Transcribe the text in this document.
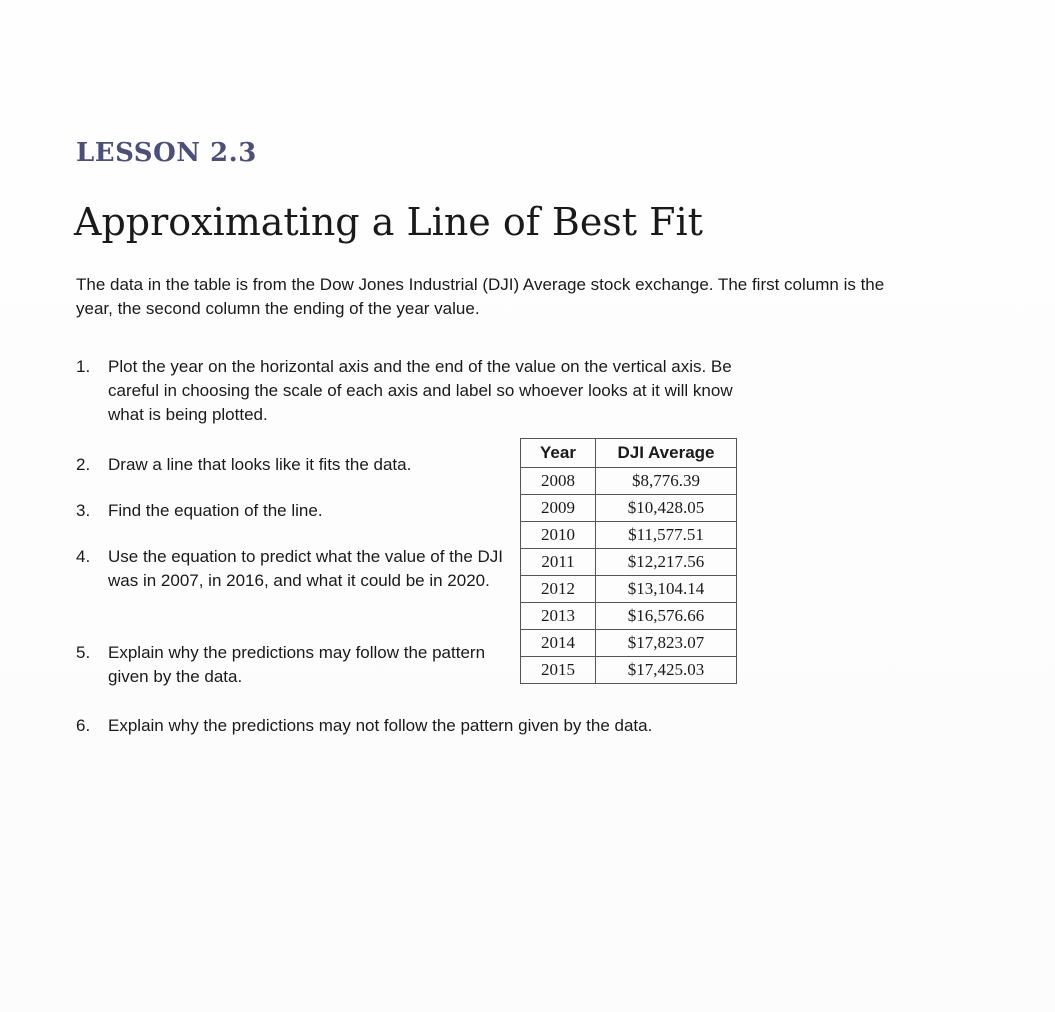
LESSON 2.3
Approximating a Line of Best Fit
The data in the table is from the Dow Jones Industrial (DJI) Average stock exchange. The first column is the year, the second column the ending of the year value.
1.	Plot the year on the horizontal axis and the end of the value on the vertical axis. Be careful in choosing the scale of each axis and label so whoever looks at it will know what is being plotted.
2.	Draw a line that looks like it fits the data.
3.	Find the equation of the line.
4.	Use the equation to predict what the value of the DJI was in 2007, in 2016, and what it could be in 2020.
5.	Explain why the predictions may follow the pattern given by the data.
6.	Explain why the predictions may not follow the pattern given by the data.
Year	DJI Average
2008	$8,776.39
2009	$10,428.05
2010	$11,577.51
2011	$12,217.56
2012	$13,104.14
2013	$16,576.66
2014	$17,823.07
2015	$17,425.03
